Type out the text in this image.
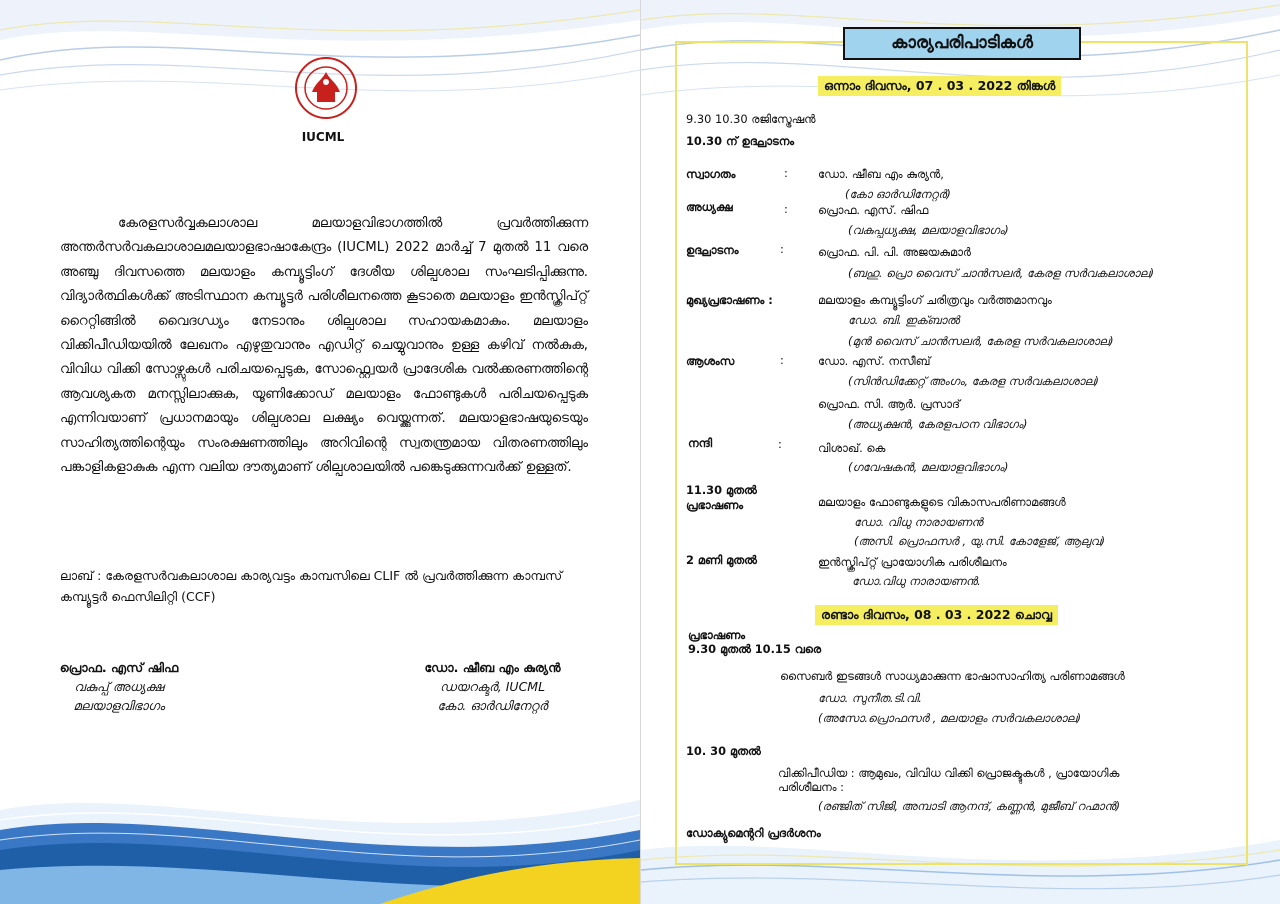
IUCML

കേരളസർവ്വകലാശാല മലയാളവിഭാഗത്തിൽ പ്രവർത്തിക്കുന്ന അന്തർസർവകലാശാലമലയാളഭാഷാകേന്ദ്രം (IUCML) 2022 മാർച്ച് 7 മുതൽ 11 വരെ അഞ്ചു ദിവസത്തെ മലയാളം കമ്പ്യൂട്ടിംഗ് ദേശീയ ശില്പശാല സംഘടിപ്പിക്കുന്നു. വിദ്യാർത്ഥികൾക്ക് അടിസ്ഥാന കമ്പ്യൂട്ടർ പരിശീലനത്തെ കൂടാതെ മലയാളം ഇൻസ്ക്രിപ്റ്റ് റൈറ്റിങ്ങിൽ വൈദഗ്ധ്യം നേടാനും ശില്പശാല സഹായകമാകും. മലയാളം വിക്കിപീഡിയയിൽ ലേഖനം എഴുതുവാനും എഡിറ്റ് ചെയ്യുവാനും ഉള്ള കഴിവ് നൽകുക, വിവിധ വിക്കി സോഴ്സുകൾ പരിചയപ്പെടുക, സോഫ്റ്റ്വെയർ പ്രാദേശിക വൽക്കരണത്തിന്റെ ആവശ്യകത മനസ്സിലാക്കുക, യൂണിക്കോഡ് മലയാളം ഫോണ്ടുകൾ പരിചയപ്പെടുക എന്നിവയാണ് പ്രധാനമായും ശില്പശാല ലക്ഷ്യം വെയ്ക്കുന്നത്. മലയാളഭാഷയുടെയും സാഹിത്യത്തിന്റെയും സംരക്ഷണത്തിലും അറിവിന്റെ സ്വതന്ത്രമായ വിതരണത്തിലും പങ്കാളികളാകുക എന്ന വലിയ ദൗത്യമാണ് ശില്പശാലയിൽ പങ്കെടുക്കുന്നവർക്ക് ഉള്ളത്.

ലാബ് : കേരളസർവകലാശാല കാര്യവട്ടം കാമ്പസിലെ CLIF ൽ പ്രവർത്തിക്കുന്ന കാമ്പസ് കമ്പ്യൂട്ടർ ഫെസിലിറ്റി (CCF)

പ്രൊഫ. എസ് ഷിഫ
വകുപ്പ് അധ്യക്ഷ
മലയാളവിഭാഗം
ഡോ. ഷീബ എം കുര്യൻ
ഡയറക്ടർ, IUCML
കോ. ഓർഡിനേറ്റർ
കാര്യപരിപാടികൾ
ഒന്നാം ദിവസം, 07 . 03 . 2022 തിങ്കൾ
9.30 10.30 രജിസ്ട്രേഷൻ
10.30 ന് ഉദ്ഘാടനം
സ്വാഗതം	:	ഡോ. ഷീബ എം കുര്യൻ,
(കോ ഓർഡിനേറ്റർ)
അധ്യക്ഷ	:	പ്രൊഫ. എസ്. ഷിഫ
(വകുപ്പധ്യക്ഷ, മലയാളവിഭാഗം)
ഉദ്ഘാടനം	:	പ്രൊഫ. പി. പി. അജയകുമാർ
(ബഹു. പ്രൊ വൈസ് ചാൻസലർ, കേരള സർവകലാശാല)
മുഖ്യപ്രഭാഷണം :	മലയാളം കമ്പ്യൂട്ടിംഗ് ചരിത്രവും വർത്തമാനവും
ഡോ. ബി. ഇക്ബാൽ
(മുൻ വൈസ് ചാൻസലർ, കേരള സർവകലാശാല)
ആശംസ	:	ഡോ. എസ്. നസീബ്
(സിൻഡിക്കേറ്റ് അംഗം, കേരള സർവകലാശാല)
പ്രൊഫ. സി. ആർ. പ്രസാദ്
(അധ്യക്ഷൻ, കേരളപഠന വിഭാഗം)
നന്ദി	:	വിശാഖ്. കെ
(ഗവേഷകൻ, മലയാളവിഭാഗം)
11.30 മുതൽ
പ്രഭാഷണം	മലയാളം ഫോണ്ടുകളുടെ വികാസപരിണാമങ്ങൾ
ഡോ. വിധു നാരായണൻ
(അസി. പ്രൊഫസർ , യു.സി. കോളേജ്, ആലുവ)
2 മണി മുതൽ	ഇൻസ്ക്രിപ്റ്റ് പ്രായോഗിക പരിശീലനം
ഡോ.വിധു നാരായണൻ.
രണ്ടാം ദിവസം, 08 . 03 . 2022 ചൊവ്വ
പ്രഭാഷണം
9.30 മുതൽ 10.15 വരെ
സൈബർ ഇടങ്ങൾ സാധ്യമാക്കുന്ന ഭാഷാസാഹിത്യ പരിണാമങ്ങൾ
ഡോ. സുനീത.ടി.വി.
(അസോ.പ്രൊഫസർ , മലയാളം സർവകലാശാല)
10. 30 മുതൽ
വിക്കിപീഡിയ : ആമുഖം, വിവിധ വിക്കി പ്രൊജക്ടുകൾ , പ്രായോഗിക
പരിശീലനം :
(രഞ്ജിത് സിജി, അമ്പാടി ആനന്ദ്, കണ്ണൻ, മുജീബ് റഹ്മാൻ)
ഡോക്യുമെന്ററി പ്രദർശനം
